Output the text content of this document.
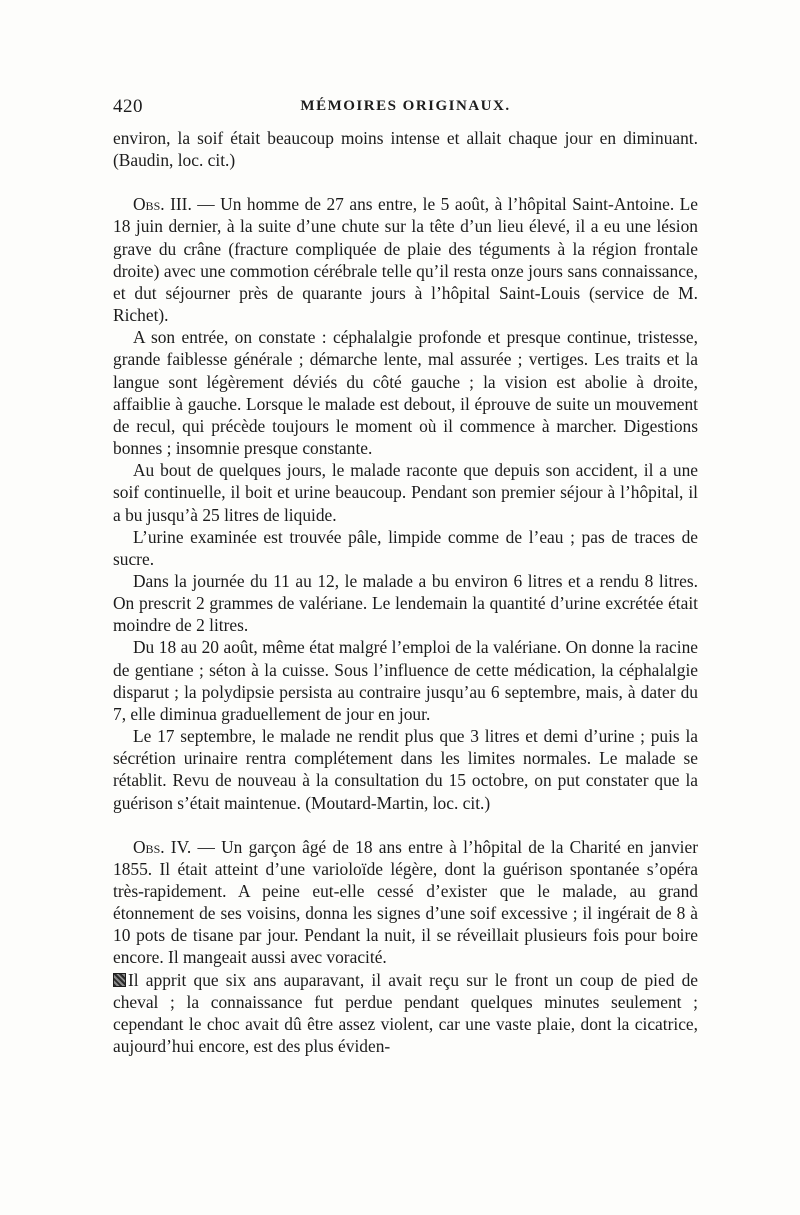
420	MÉMOIRES ORIGINAUX.

environ, la soif était beaucoup moins intense et allait chaque jour en diminuant. (Baudin, loc. cit.)

Obs. III. — Un homme de 27 ans entre, le 5 août, à l’hôpital Saint-Antoine. Le 18 juin dernier, à la suite d’une chute sur la tête d’un lieu élevé, il a eu une lésion grave du crâne (fracture compliquée de plaie des téguments à la région frontale droite) avec une commotion cérébrale telle qu’il resta onze jours sans connaissance, et dut séjourner près de quarante jours à l’hôpital Saint-Louis (service de M. Richet).

A son entrée, on constate : céphalalgie profonde et presque continue, tristesse, grande faiblesse générale ; démarche lente, mal assurée ; vertiges. Les traits et la langue sont légèrement déviés du côté gauche ; la vision est abolie à droite, affaiblie à gauche. Lorsque le malade est debout, il éprouve de suite un mouvement de recul, qui précède toujours le moment où il commence à marcher. Digestions bonnes ; insomnie presque constante.

Au bout de quelques jours, le malade raconte que depuis son accident, il a une soif continuelle, il boit et urine beaucoup. Pendant son premier séjour à l’hôpital, il a bu jusqu’à 25 litres de liquide.

L’urine examinée est trouvée pâle, limpide comme de l’eau ; pas de traces de sucre.

Dans la journée du 11 au 12, le malade a bu environ 6 litres et a rendu 8 litres. On prescrit 2 grammes de valériane. Le lendemain la quantité d’urine excrétée était moindre de 2 litres.

Du 18 au 20 août, même état malgré l’emploi de la valériane. On donne la racine de gentiane ; séton à la cuisse. Sous l’influence de cette médication, la céphalalgie disparut ; la polydipsie persista au contraire jusqu’au 6 septembre, mais, à dater du 7, elle diminua graduellement de jour en jour.

Le 17 septembre, le malade ne rendit plus que 3 litres et demi d’urine ; puis la sécrétion urinaire rentra complétement dans les limites normales. Le malade se rétablit. Revu de nouveau à la consultation du 15 octobre, on put constater que la guérison s’était maintenue. (Moutard-Martin, loc. cit.)

Obs. IV. — Un garçon âgé de 18 ans entre à l’hôpital de la Charité en janvier 1855. Il était atteint d’une varioloïde légère, dont la guérison spontanée s’opéra très-rapidement. A peine eut-elle cessé d’exister que le malade, au grand étonnement de ses voisins, donna les signes d’une soif excessive ; il ingérait de 8 à 10 pots de tisane par jour. Pendant la nuit, il se réveillait plusieurs fois pour boire encore. Il mangeait aussi avec voracité.

Il apprit que six ans auparavant, il avait reçu sur le front un coup de pied de cheval ; la connaissance fut perdue pendant quelques minutes seulement ; cependant le choc avait dû être assez violent, car une vaste plaie, dont la cicatrice, aujourd’hui encore, est des plus éviden-
